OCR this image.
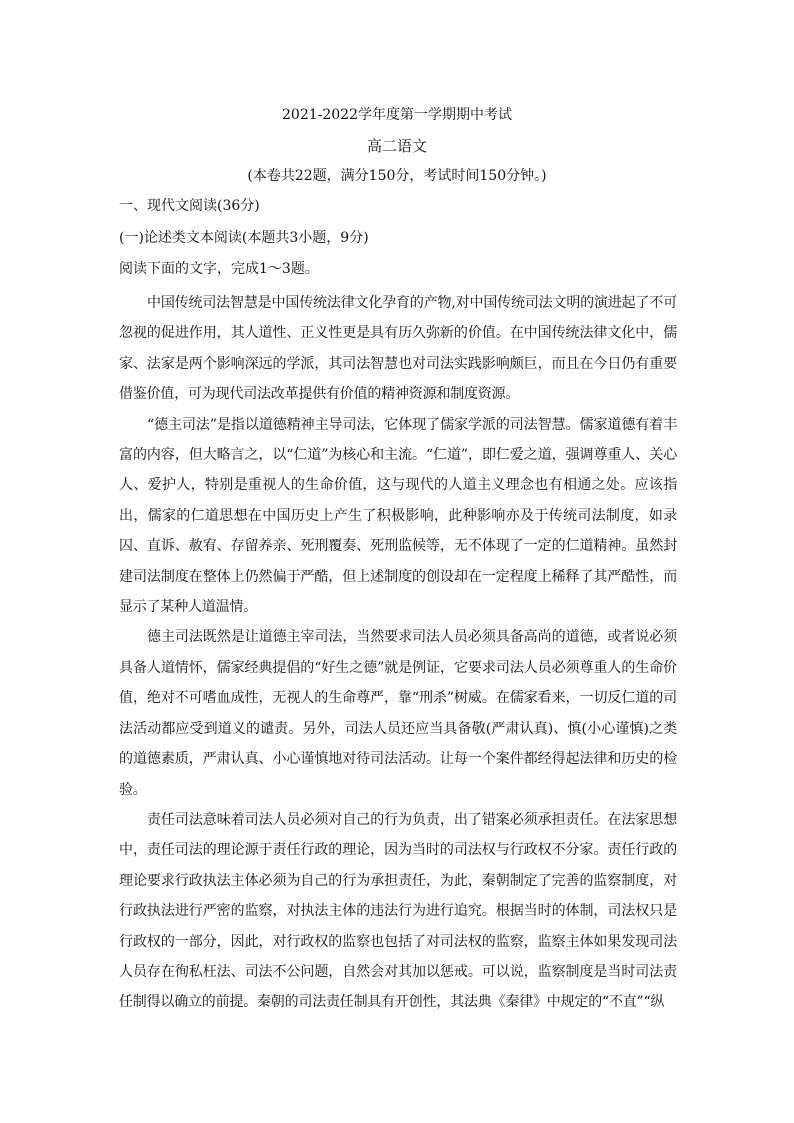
2021-2022学年度第一学期期中考试
高二语文
(本卷共22题，满分150分，考试时间150分钟。)
一、现代文阅读(36分)
(一)论述类文本阅读(本题共3小题，9分)
阅读下面的文字，完成1～3题。

中国传统司法智慧是中国传统法律文化孕育的产物,对中国传统司法文明的演进起了不可忽视的促进作用，其人道性、正义性更是具有历久弥新的价值。在中国传统法律文化中，儒家、法家是两个影响深远的学派，其司法智慧也对司法实践影响颇巨，而且在今日仍有重要借鉴价值，可为现代司法改革提供有价值的精神资源和制度资源。

“德主司法”是指以道德精神主导司法，它体现了儒家学派的司法智慧。儒家道德有着丰富的内容，但大略言之，以“仁道”为核心和主流。“仁道”，即仁爱之道，强调尊重人、关心人、爱护人，特别是重视人的生命价值，这与现代的人道主义理念也有相通之处。应该指出，儒家的仁道思想在中国历史上产生了积极影响，此种影响亦及于传统司法制度，如录囚、直诉、赦宥、存留养亲、死刑覆奏、死刑监候等，无不体现了一定的仁道精神。虽然封建司法制度在整体上仍然偏于严酷，但上述制度的创设却在一定程度上稀释了其严酷性，而显示了某种人道温情。

德主司法既然是让道德主宰司法，当然要求司法人员必须具备高尚的道德，或者说必须具备人道情怀，儒家经典提倡的“好生之德”就是例证，它要求司法人员必须尊重人的生命价值，绝对不可嗜血成性，无视人的生命尊严，靠“刑杀”树威。在儒家看来，一切反仁道的司法活动都应受到道义的谴责。另外，司法人员还应当具备敬(严肃认真)、慎(小心谨慎)之类的道德素质，严肃认真、小心谨慎地对待司法活动。让每一个案件都经得起法律和历史的检验。

责任司法意味着司法人员必须对自己的行为负责，出了错案必须承担责任。在法家思想中，责任司法的理论源于责任行政的理论，因为当时的司法权与行政权不分家。责任行政的理论要求行政执法主体必须为自己的行为承担责任，为此，秦朝制定了完善的监察制度，对行政执法进行严密的监察，对执法主体的违法行为进行追究。根据当时的体制，司法权只是行政权的一部分，因此，对行政权的监察也包括了对司法权的监察，监察主体如果发现司法人员存在徇私枉法、司法不公问题，自然会对其加以惩戒。可以说，监察制度是当时司法责任制得以确立的前提。秦朝的司法责任制具有开创性，其法典《秦律》中规定的“不直”“纵
